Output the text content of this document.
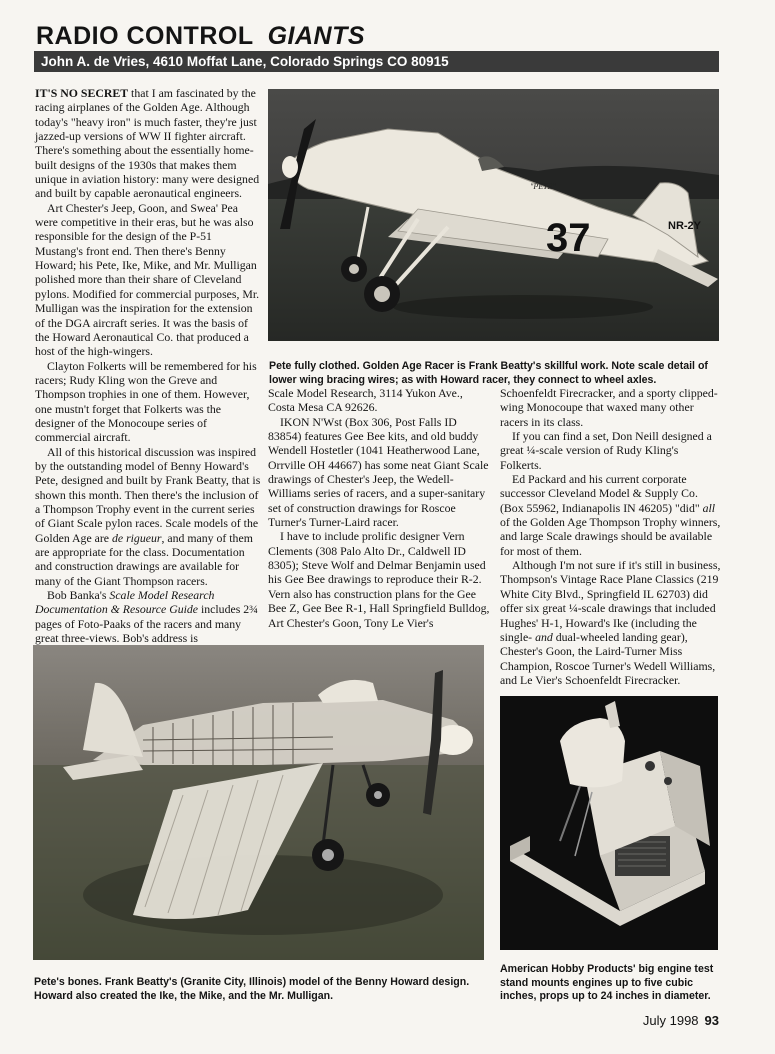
RADIO CONTROL GIANTS
John A. de Vries, 4610 Moffat Lane, Colorado Springs CO 80915

IT'S NO SECRET that I am fascinated by the racing airplanes of the Golden Age. Although today's "heavy iron" is much faster, they're just jazzed-up versions of WW II fighter aircraft. There's something about the essentially home-built designs of the 1930s that makes them unique in aviation history: many were designed and built by capable aeronautical engineers.

Art Chester's Jeep, Goon, and Swea' Pea were competitive in their eras, but he was also responsible for the design of the P-51 Mustang's front end. Then there's Benny Howard; his Pete, Ike, Mike, and Mr. Mulligan polished more than their share of Cleveland pylons. Modified for commercial purposes, Mr. Mulligan was the inspiration for the extension of the DGA aircraft series. It was the basis of the Howard Aeronautical Co. that produced a host of the high-wingers.

Clayton Folkerts will be remembered for his racers; Rudy Kling won the Greve and Thompson trophies in one of them. However, one mustn't forget that Folkerts was the designer of the Monocoupe series of commercial aircraft.

All of this historical discussion was inspired by the outstanding model of Benny Howard's Pete, designed and built by Frank Beatty, that is shown this month. Then there's the inclusion of a Thompson Trophy event in the current series of Giant Scale pylon races. Scale models of the Golden Age are de rigueur, and many of them are appropriate for the class. Documentation and construction drawings are available for many of the Giant Thompson racers.

Bob Banka's Scale Model Research Documentation & Resource Guide includes 2¾ pages of Foto-Paaks of the racers and many great three-views. Bob's address is

"PETE"
37	NR-2Y
Pete fully clothed. Golden Age Racer is Frank Beatty's skillful work. Note scale detail of lower wing bracing wires; as with Howard racer, they connect to wheel axles.

Scale Model Research, 3114 Yukon Ave., Costa Mesa CA 92626.

IKON N'Wst (Box 306, Post Falls ID 83854) features Gee Bee kits, and old buddy Wendell Hostetler (1041 Heatherwood Lane, Orrville OH 44667) has some neat Giant Scale drawings of Chester's Jeep, the Wedell-Williams series of racers, and a super-sanitary set of construction drawings for Roscoe Turner's Turner-Laird racer.

I have to include prolific designer Vern Clements (308 Palo Alto Dr., Caldwell ID 8305); Steve Wolf and Delmar Benjamin used his Gee Bee drawings to reproduce their R-2. Vern also has construction plans for the Gee Bee Z, Gee Bee R-1, Hall Springfield Bulldog, Art Chester's Goon, Tony Le Vier's

Schoenfeldt Firecracker, and a sporty clipped-wing Monocoupe that waxed many other racers in its class.

If you can find a set, Don Neill designed a great ¼-scale version of Rudy Kling's Folkerts.

Ed Packard and his current corporate successor Cleveland Model & Supply Co. (Box 55962, Indianapolis IN 46205) "did" all of the Golden Age Thompson Trophy winners, and large Scale drawings should be available for most of them.

Although I'm not sure if it's still in business, Thompson's Vintage Race Plane Classics (219 White City Blvd., Springfield IL 62703) did offer six great ¼-scale drawings that included Hughes' H-1, Howard's Ike (including the single- and dual-wheeled landing gear), Chester's Goon, the Laird-Turner Miss Champion, Roscoe Turner's Wedell Williams, and Le Vier's Schoenfeldt Firecracker.

Pete's bones. Frank Beatty's (Granite City, Illinois) model of the Benny Howard design. Howard also created the Ike, the Mike, and the Mr. Mulligan.
American Hobby Products' big engine test stand mounts engines up to five cubic inches, props up to 24 inches in diameter.
July 1998 93
